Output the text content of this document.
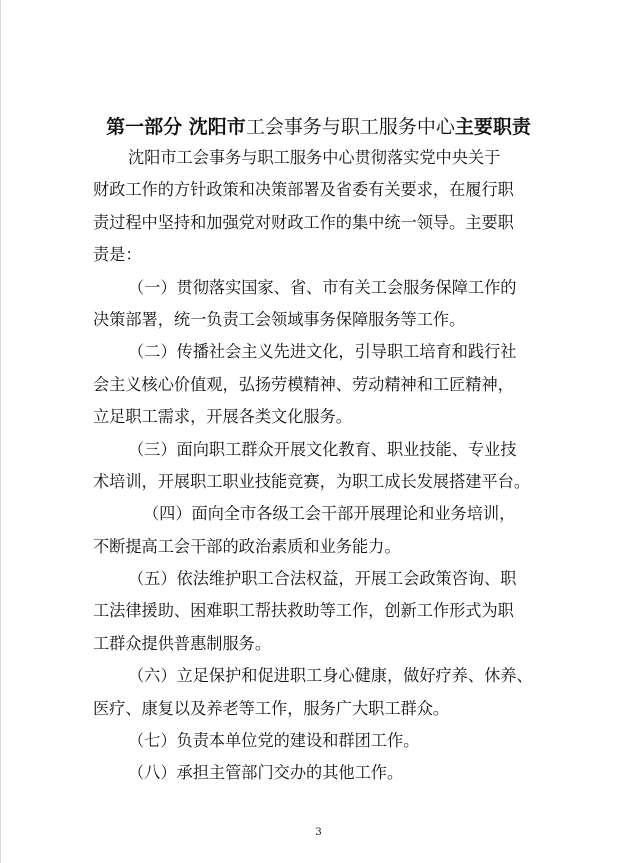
第一部分 沈阳市工会事务与职工服务中心主要职责
沈阳市工会事务与职工服务中心贯彻落实党中央关于
财政工作的方针政策和决策部署及省委有关要求，在履行职
责过程中坚持和加强党对财政工作的集中统一领导。主要职
责是：
（一）贯彻落实国家、省、市有关工会服务保障工作的
决策部署，统一负责工会领域事务保障服务等工作。
（二）传播社会主义先进文化，引导职工培育和践行社
会主义核心价值观，弘扬劳模精神、劳动精神和工匠精神，
立足职工需求，开展各类文化服务。
（三）面向职工群众开展文化教育、职业技能、专业技
术培训，开展职工职业技能竞赛，为职工成长发展搭建平台。
（四）面向全市各级工会干部开展理论和业务培训，
不断提高工会干部的政治素质和业务能力。
（五）依法维护职工合法权益，开展工会政策咨询、职
工法律援助、困难职工帮扶救助等工作，创新工作形式为职
工群众提供普惠制服务。
（六）立足保护和促进职工身心健康，做好疗养、休养、
医疗、康复以及养老等工作，服务广大职工群众。
（七）负责本单位党的建设和群团工作。
（八）承担主管部门交办的其他工作。
3
